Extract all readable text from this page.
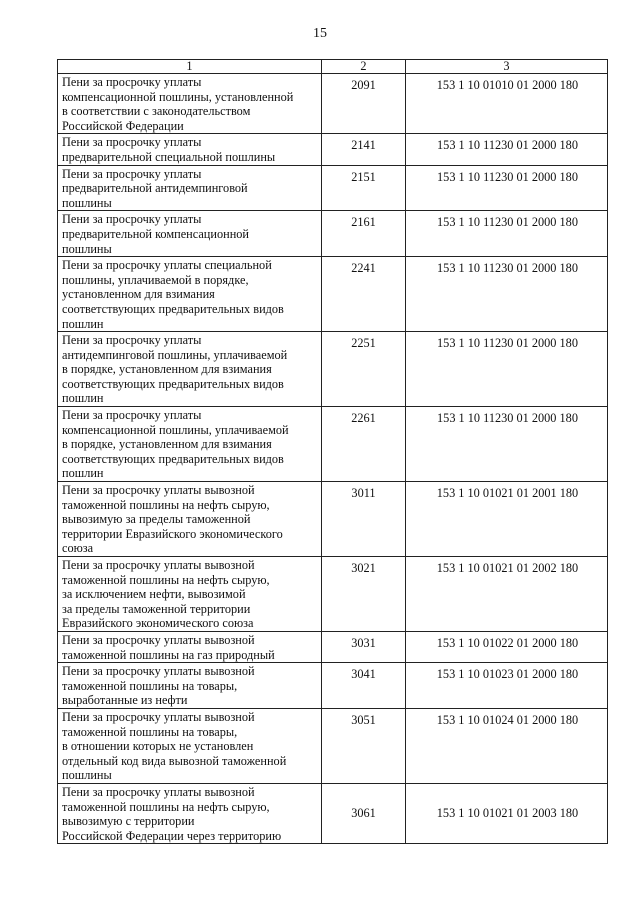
15
1	2	3

Пени за просрочку уплаты
компенсационной пошлины, установленной
в соответствии с законодательством
Российской Федерации	2091	153 1 10 01010 01 2000 180

Пени за просрочку уплаты
предварительной специальной пошлины	2141	153 1 10 11230 01 2000 180

Пени за просрочку уплаты
предварительной антидемпинговой
пошлины	2151	153 1 10 11230 01 2000 180

Пени за просрочку уплаты
предварительной компенсационной
пошлины	2161	153 1 10 11230 01 2000 180

Пени за просрочку уплаты специальной
пошлины, уплачиваемой в порядке,
установленном для взимания
соответствующих предварительных видов
пошлин	2241	153 1 10 11230 01 2000 180

Пени за просрочку уплаты
антидемпинговой пошлины, уплачиваемой
в порядке, установленном для взимания
соответствующих предварительных видов
пошлин	2251	153 1 10 11230 01 2000 180

Пени за просрочку уплаты
компенсационной пошлины, уплачиваемой
в порядке, установленном для взимания
соответствующих предварительных видов
пошлин	2261	153 1 10 11230 01 2000 180

Пени за просрочку уплаты вывозной
таможенной пошлины на нефть сырую,
вывозимую за пределы таможенной
территории Евразийского экономического
союза	3011	153 1 10 01021 01 2001 180

Пени за просрочку уплаты вывозной
таможенной пошлины на нефть сырую,
за исключением нефти, вывозимой
за пределы таможенной территории
Евразийского экономического союза	3021	153 1 10 01021 01 2002 180

Пени за просрочку уплаты вывозной
таможенной пошлины на газ природный	3031	153 1 10 01022 01 2000 180

Пени за просрочку уплаты вывозной
таможенной пошлины на товары,
выработанные из нефти	3041	153 1 10 01023 01 2000 180

Пени за просрочку уплаты вывозной
таможенной пошлины на товары,
в отношении которых не установлен
отдельный код вида вывозной таможенной
пошлины	3051	153 1 10 01024 01 2000 180

Пени за просрочку уплаты вывозной
таможенной пошлины на нефть сырую,
вывозимую с территории
Российской Федерации через территорию	3061	153 1 10 01021 01 2003 180
